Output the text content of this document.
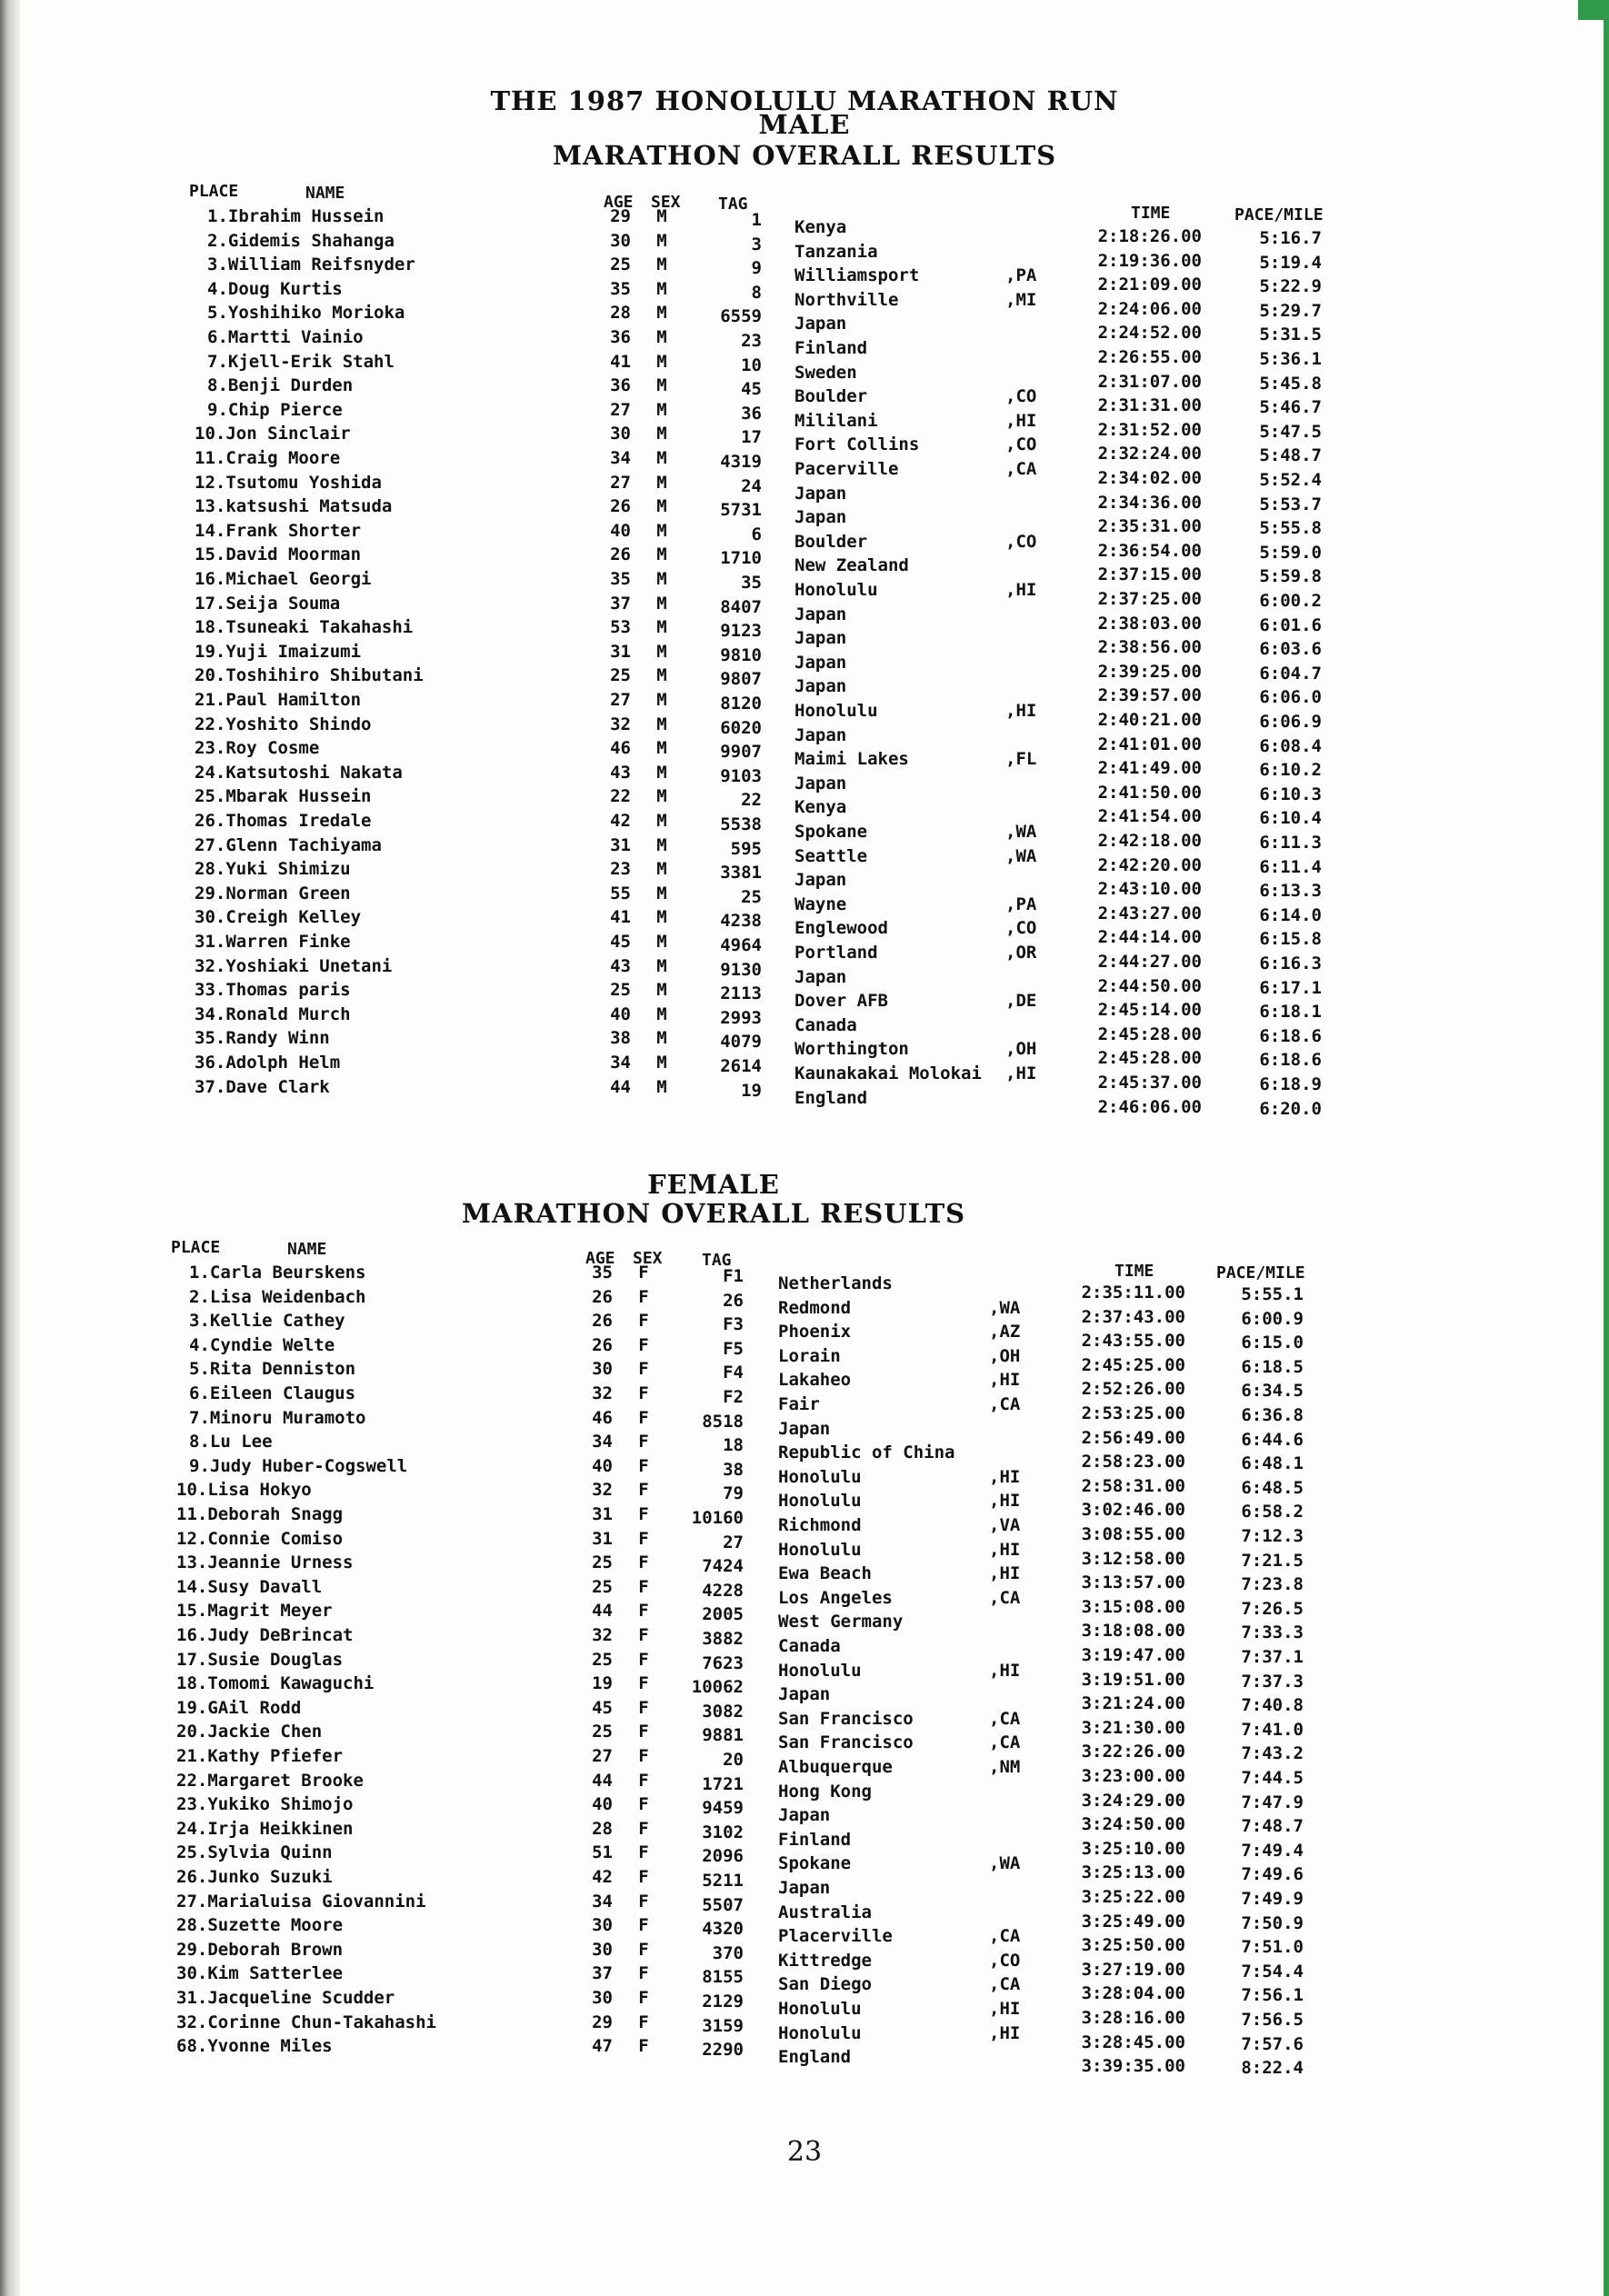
THE 1987 HONOLULU MARATHON RUN
MALE
MARATHON OVERALL RESULTS
PLACE	NAME	AGE SEX TAG	TIME	PACE/MILE
1.Ibrahim Hussein	29 M	1 Kenya	2:18:26.00	5:16.7
2.Gidemis Shahanga	30 M	3 Tanzania	2:19:36.00	5:19.4
3.William Reifsnyder	25 M	9 Williamsport	,PA	2:21:09.00	5:22.9
4.Doug Kurtis	35 M	8 Northville	,MI	2:24:06.00	5:29.7
5.Yoshihiko Morioka	28 M	6559 Japan	2:24:52.00	5:31.5
6.Martti Vainio	36 M	23 Finland	2:26:55.00	5:36.1
7.Kjell-Erik Stahl	41 M	10 Sweden	2:31:07.00	5:45.8
8.Benji Durden	36 M	45 Boulder	,CO	2:31:31.00	5:46.7
9.Chip Pierce	27 M	36 Mililani	,HI	2:31:52.00	5:47.5
10.Jon Sinclair	30 M	17 Fort Collins	,CO	2:32:24.00	5:48.7
11.Craig Moore	34 M	4319 Pacerville	,CA	2:34:02.00	5:52.4
12.Tsutomu Yoshida	27 M	24 Japan	2:34:36.00	5:53.7
13.katsushi Matsuda	26 M	5731 Japan	2:35:31.00	5:55.8
14.Frank Shorter	40 M	6 Boulder	,CO	2:36:54.00	5:59.0
15.David Moorman	26 M	1710 New Zealand	2:37:15.00	5:59.8
16.Michael Georgi	35 M	35 Honolulu	,HI	2:37:25.00	6:00.2
17.Seija Souma	37 M	8407 Japan	2:38:03.00	6:01.6
18.Tsuneaki Takahashi	53 M	9123 Japan	2:38:56.00	6:03.6
19.Yuji Imaizumi	31 M	9810 Japan	2:39:25.00	6:04.7
20.Toshihiro Shibutani	25 M	9807 Japan	2:39:57.00	6:06.0
21.Paul Hamilton	27 M	8120 Honolulu	,HI	2:40:21.00	6:06.9
22.Yoshito Shindo	32 M	6020 Japan	2:41:01.00	6:08.4
23.Roy Cosme	46 M	9907 Maimi Lakes	,FL	2:41:49.00	6:10.2
24.Katsutoshi Nakata	43 M	9103 Japan	2:41:50.00	6:10.3
25.Mbarak Hussein	22 M	22 Kenya	2:41:54.00	6:10.4
26.Thomas Iredale	42 M	5538 Spokane	,WA	2:42:18.00	6:11.3
27.Glenn Tachiyama	31 M	595 Seattle	,WA	2:42:20.00	6:11.4
28.Yuki Shimizu	23 M	3381 Japan	2:43:10.00	6:13.3
29.Norman Green	55 M	25 Wayne	,PA	2:43:27.00	6:14.0
30.Creigh Kelley	41 M	4238 Englewood	,CO	2:44:14.00	6:15.8
31.Warren Finke	45 M	4964 Portland	,OR	2:44:27.00	6:16.3
32.Yoshiaki Unetani	43 M	9130 Japan	2:44:50.00	6:17.1
33.Thomas paris	25 M	2113 Dover AFB	,DE	2:45:14.00	6:18.1
34.Ronald Murch	40 M	2993 Canada	2:45:28.00	6:18.6
35.Randy Winn	38 M	4079 Worthington	,OH	2:45:28.00	6:18.6
36.Adolph Helm	34 M	2614 Kaunakakai Molokai ,HI	2:45:37.00	6:18.9
37.Dave Clark	44 M	19 England	2:46:06.00	6:20.0
FEMALE
MARATHON OVERALL RESULTS
PLACE	NAME	AGE SEX TAG
TIME	PACE/MILE
1.Carla Beurskens	35 F	F1 Netherlands	2:35:11.00	5:55.1
2.Lisa Weidenbach	26 F	26 Redmond	,WA	2:37:43.00	6:00.9
3.Kellie Cathey	26 F	F3 Phoenix	,AZ	2:43:55.00	6:15.0
4.Cyndie Welte	26 F	F5 Lorain	,OH	2:45:25.00	6:18.5
5.Rita Denniston	30 F	F4 Lakaheo	,HI	2:52:26.00	6:34.5
6.Eileen Claugus	32 F	F2 Fair	,CA	2:53:25.00	6:36.8
7.Minoru Muramoto	46 F	8518 Japan	2:56:49.00	6:44.6
8.Lu Lee	34 F	18 Republic of China	2:58:23.00	6:48.1
9.Judy Huber-Cogswell	40 F	38 Honolulu	,HI	2:58:31.00	6:48.5
10.Lisa Hokyo	32 F	79 Honolulu	,HI	3:02:46.00	6:58.2
11.Deborah Snagg	31 F	10160 Richmond	,VA	3:08:55.00	7:12.3
12.Connie Comiso	31 F	27 Honolulu	,HI	3:12:58.00	7:21.5
13.Jeannie Urness	25 F	7424 Ewa Beach	,HI	3:13:57.00	7:23.8
14.Susy Davall	25 F	4228 Los Angeles	,CA	3:15:08.00	7:26.5
15.Magrit Meyer	44 F	2005 West Germany	3:18:08.00	7:33.3
16.Judy DeBrincat	32 F	3882 Canada	3:19:47.00	7:37.1
17.Susie Douglas	25 F	7623 Honolulu	,HI	3:19:51.00	7:37.3
18.Tomomi Kawaguchi	19 F	10062 Japan	3:21:24.00	7:40.8
19.GAil Rodd	45 F	3082 San Francisco	,CA	3:21:30.00	7:41.0
20.Jackie Chen	25 F	9881 San Francisco	,CA	3:22:26.00	7:43.2
21.Kathy Pfiefer	27 F	20 Albuquerque	,NM	3:23:00.00	7:44.5
22.Margaret Brooke	44 F	1721 Hong Kong	3:24:29.00	7:47.9
23.Yukiko Shimojo	40 F	9459 Japan	3:24:50.00	7:48.7
24.Irja Heikkinen	28 F	3102 Finland	3:25:10.00	7:49.4
25.Sylvia Quinn	51 F	2096 Spokane	,WA	3:25:13.00	7:49.6
26.Junko Suzuki	42 F	5211 Japan	3:25:22.00	7:49.9
27.Marialuisa Giovannini	34 F	5507 Australia	3:25:49.00	7:50.9
28.Suzette Moore	30 F	4320 Placerville	,CA	3:25:50.00	7:51.0
29.Deborah Brown	30 F	370 Kittredge	,CO	3:27:19.00	7:54.4
30.Kim Satterlee	37 F	8155 San Diego	,CA	3:28:04.00	7:56.1
31.Jacqueline Scudder	30 F	2129 Honolulu	,HI	3:28:16.00	7:56.5
32.Corinne Chun-Takahashi	29 F	3159 Honolulu	,HI	3:28:45.00	7:57.6
68.Yvonne Miles	47 F	2290 England	3:39:35.00	8:22.4
23
